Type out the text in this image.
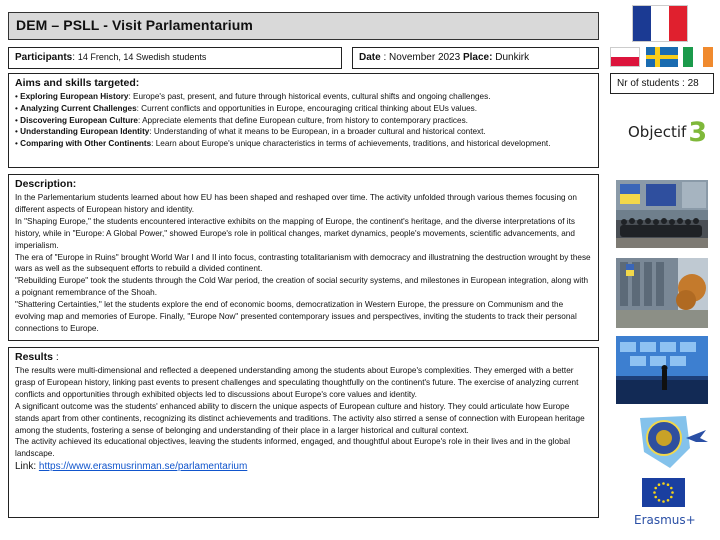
DEM – PSLL - Visit Parlamentarium
Participants: 14 French, 14 Swedish students	Date : November 2023 Place: Dunkirk
Aims and skills targeted:
• Exploring European History: Europe's past, present, and future through historical events, cultural shifts and ongoing challenges.
• Analyzing Current Challenges: Current conflicts and opportunities in Europe, encouraging critical thinking about EUs values.
• Discovering European Culture: Appreciate elements that define European culture, from history to contemporary practices.
• Understanding European Identity: Understanding of what it means to be European, in a broader cultural and historical context.
• Comparing with Other Continents: Learn about Europe's unique characteristics in terms of achievements, traditions, and historical development.
Description:

In the Parlementarium students learned about how EU has been shaped and reshaped over time. The activity unfolded through various themes focusing on different aspects of European history and identity.

In "Shaping Europe," the students encountered interactive exhibits on the mapping of Europe, the continent's heritage, and the diverse interpretations of its history, while in "Europe: A Global Power," showed Europe's role in political changes, market dynamics, people's movements, scientific advancements, and imperialism.

The era of "Europe in Ruins" brought World War I and II into focus, contrasting totalitarianism with democracy and illustratning the destruction wrought by these wars as well as the subsequent efforts to rebuild a divided continent.

"Rebuilding Europe" took the students through the Cold War period, the creation of social security systems, and milestones in European integration, along with a poignant remembrance of the Shoah.

"Shattering Certainties," let the students explore the end of economic booms, democratization in Western Europe, the pressure on Communism and the evolving map and memories of Europe. Finally, "Europe Now" presented contemporary issues and perspectives, inviting the students to track their personal connections to Europe.

Results :

The results were multi-dimensional and reflected a deepened understanding among the students about Europe's complexities. They emerged with a better grasp of European history, linking past events to present challenges and speculating thoughtfully on the continent's future. The exercise of analyzing current conflicts and opportunities through exhibited objects led to discussions about Europe's core values and identity.

A significant outcome was the students' enhanced ability to discern the unique aspects of European culture and history. They could articulate how Europe stands apart from other continents, recognizing its distinct achievements and traditions. The activity also stirred a sense of connection with European heritage among the students, fostering a sense of belonging and understanding of their place in a larger historical and cultural context.

The activity achieved its educational objectives, leaving the students informed, engaged, and thoughtful about Europe's role in their lives and in the global landscape.

Link: https://www.erasmusrinman.se/parlamentarium

Nr of students : 28
Objectif 3
Erasmus+
